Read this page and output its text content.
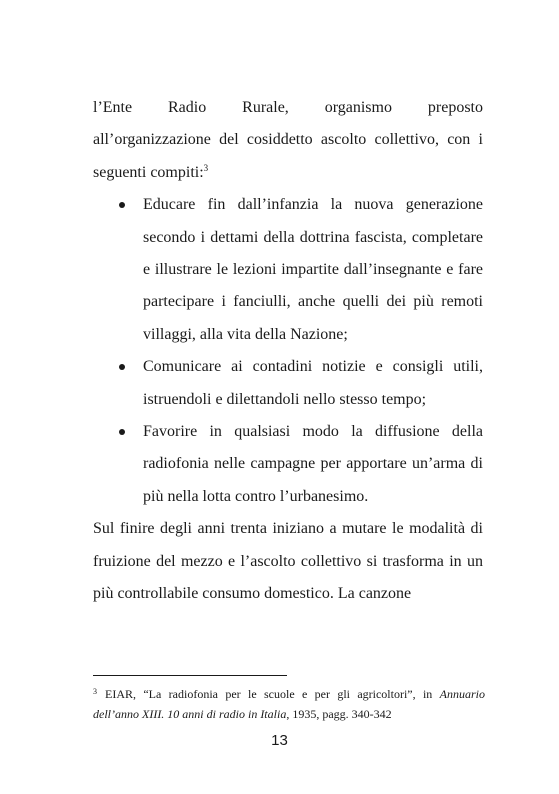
l’Ente Radio Rurale, organismo preposto
all’organizzazione del cosiddetto ascolto collettivo, con i seguenti compiti:$^3$

Educare fin dall’infanzia la nuova generazione secondo i dettami della dottrina fascista, completare e illustrare le lezioni impartite dall’insegnante e fare partecipare i fanciulli, anche quelli dei più remoti villaggi, alla vita della Nazione;
Comunicare ai contadini notizie e consigli utili, istruendoli e dilettandoli nello stesso tempo;
Favorire in qualsiasi modo la diffusione della radiofonia nelle campagne per apportare un’arma di più nella lotta contro l’urbanesimo.

Sul finire degli anni trenta iniziano a mutare le modalità di fruizione del mezzo e l’ascolto collettivo si trasforma in un più controllabile consumo domestico. La canzone

$^3$ EIAR, “La radiofonia per le scuole e per gli agricoltori”, in Annuario dell’anno XIII. 10 anni di radio in Italia, 1935, pagg. 340-342
13
